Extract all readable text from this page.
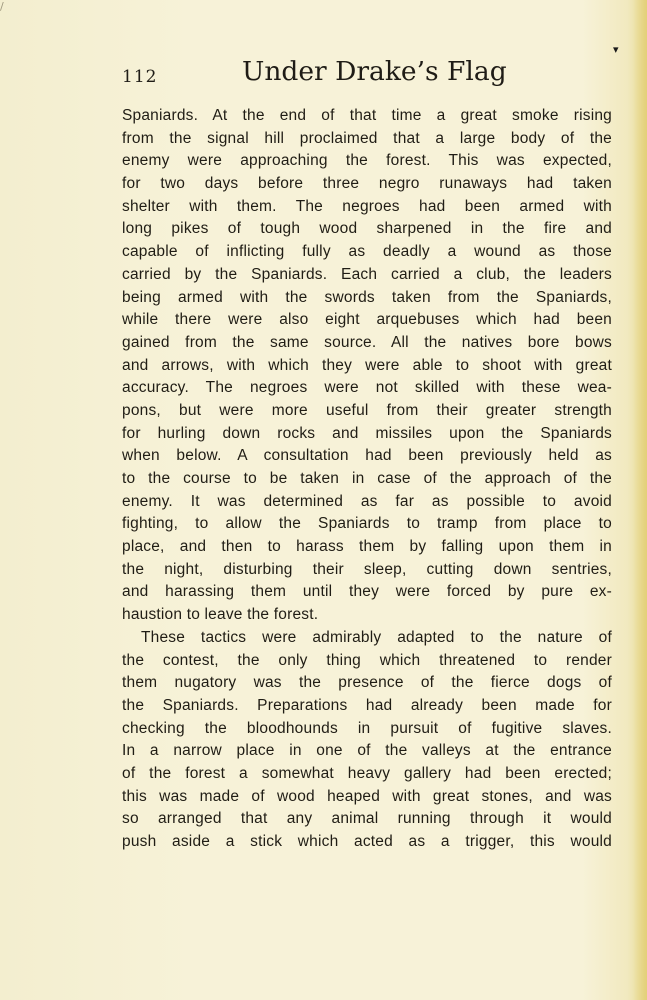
/
▾
112	Under Drake’s Flag
Spaniards. At the end of that time a great smoke rising
from the signal hill proclaimed that a large body of the
enemy were approaching the forest. This was expected,
for two days before three negro runaways had taken
shelter with them. The negroes had been armed with
long pikes of tough wood sharpened in the fire and
capable of inflicting fully as deadly a wound as those
carried by the Spaniards. Each carried a club, the leaders
being armed with the swords taken from the Spaniards,
while there were also eight arquebuses which had been
gained from the same source. All the natives bore bows
and arrows, with which they were able to shoot with great
accuracy. The negroes were not skilled with these wea-
pons, but were more useful from their greater strength
for hurling down rocks and missiles upon the Spaniards
when below. A consultation had been previously held as
to the course to be taken in case of the approach of the
enemy. It was determined as far as possible to avoid
fighting, to allow the Spaniards to tramp from place to
place, and then to harass them by falling upon them in
the night, disturbing their sleep, cutting down sentries,
and harassing them until they were forced by pure ex-
haustion to leave the forest.
These tactics were admirably adapted to the nature of
the contest, the only thing which threatened to render
them nugatory was the presence of the fierce dogs of
the Spaniards. Preparations had already been made for
checking the bloodhounds in pursuit of fugitive slaves.
In a narrow place in one of the valleys at the entrance
of the forest a somewhat heavy gallery had been erected;
this was made of wood heaped with great stones, and was
so arranged that any animal running through it would
push aside a stick which acted as a trigger, this would
